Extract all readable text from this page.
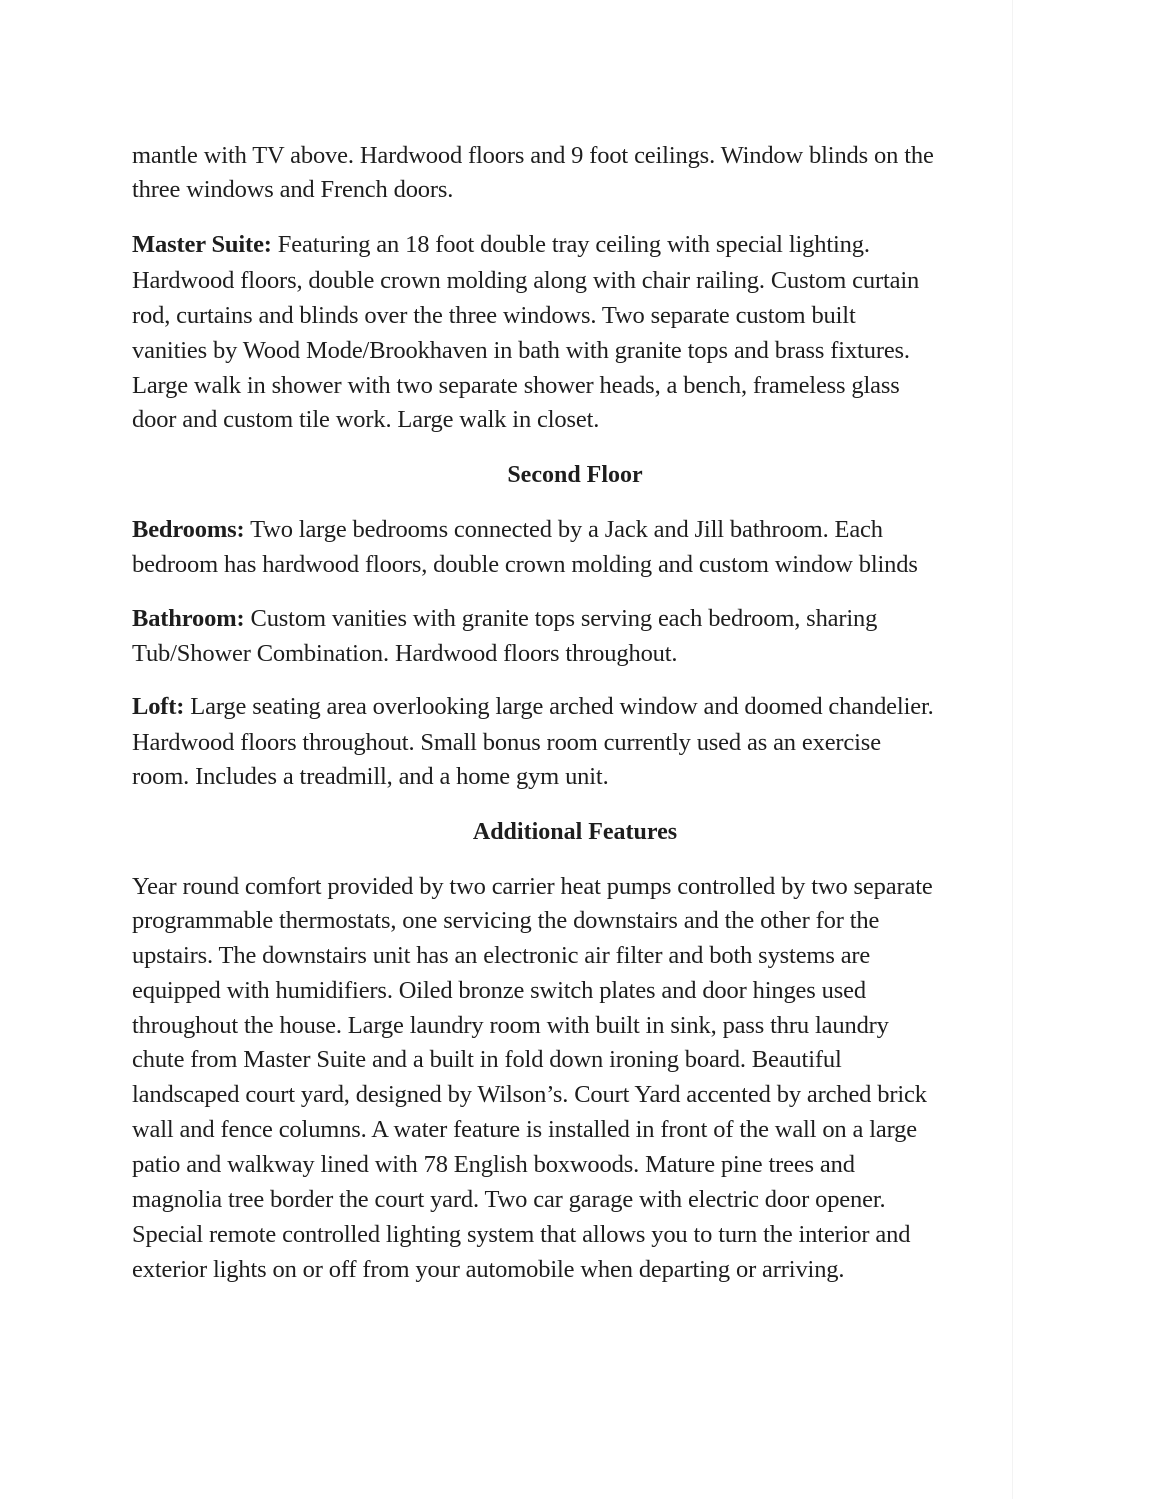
mantle with TV above. Hardwood floors and 9 foot ceilings. Window blinds on the
three windows and French doors.
Master Suite: Featuring an 18 foot double tray ceiling with special lighting.
Hardwood floors, double crown molding along with chair railing. Custom curtain
rod, curtains and blinds over the three windows. Two separate custom built
vanities by Wood Mode/Brookhaven in bath with granite tops and brass fixtures.
Large walk in shower with two separate shower heads, a bench, frameless glass
door and custom tile work. Large walk in closet.
Second Floor
Bedrooms: Two large bedrooms connected by a Jack and Jill bathroom. Each
bedroom has hardwood floors, double crown molding and custom window blinds
Bathroom: Custom vanities with granite tops serving each bedroom, sharing
Tub/Shower Combination. Hardwood floors throughout.
Loft: Large seating area overlooking large arched window and doomed chandelier.
Hardwood floors throughout. Small bonus room currently used as an exercise
room. Includes a treadmill, and a home gym unit.
Additional Features
Year round comfort provided by two carrier heat pumps controlled by two separate
programmable thermostats, one servicing the downstairs and the other for the
upstairs. The downstairs unit has an electronic air filter and both systems are
equipped with humidifiers. Oiled bronze switch plates and door hinges used
throughout the house. Large laundry room with built in sink, pass thru laundry
chute from Master Suite and a built in fold down ironing board. Beautiful
landscaped court yard, designed by Wilson’s. Court Yard accented by arched brick
wall and fence columns. A water feature is installed in front of the wall on a large
patio and walkway lined with 78 English boxwoods. Mature pine trees and
magnolia tree border the court yard. Two car garage with electric door opener.
Special remote controlled lighting system that allows you to turn the interior and
exterior lights on or off from your automobile when departing or arriving.
